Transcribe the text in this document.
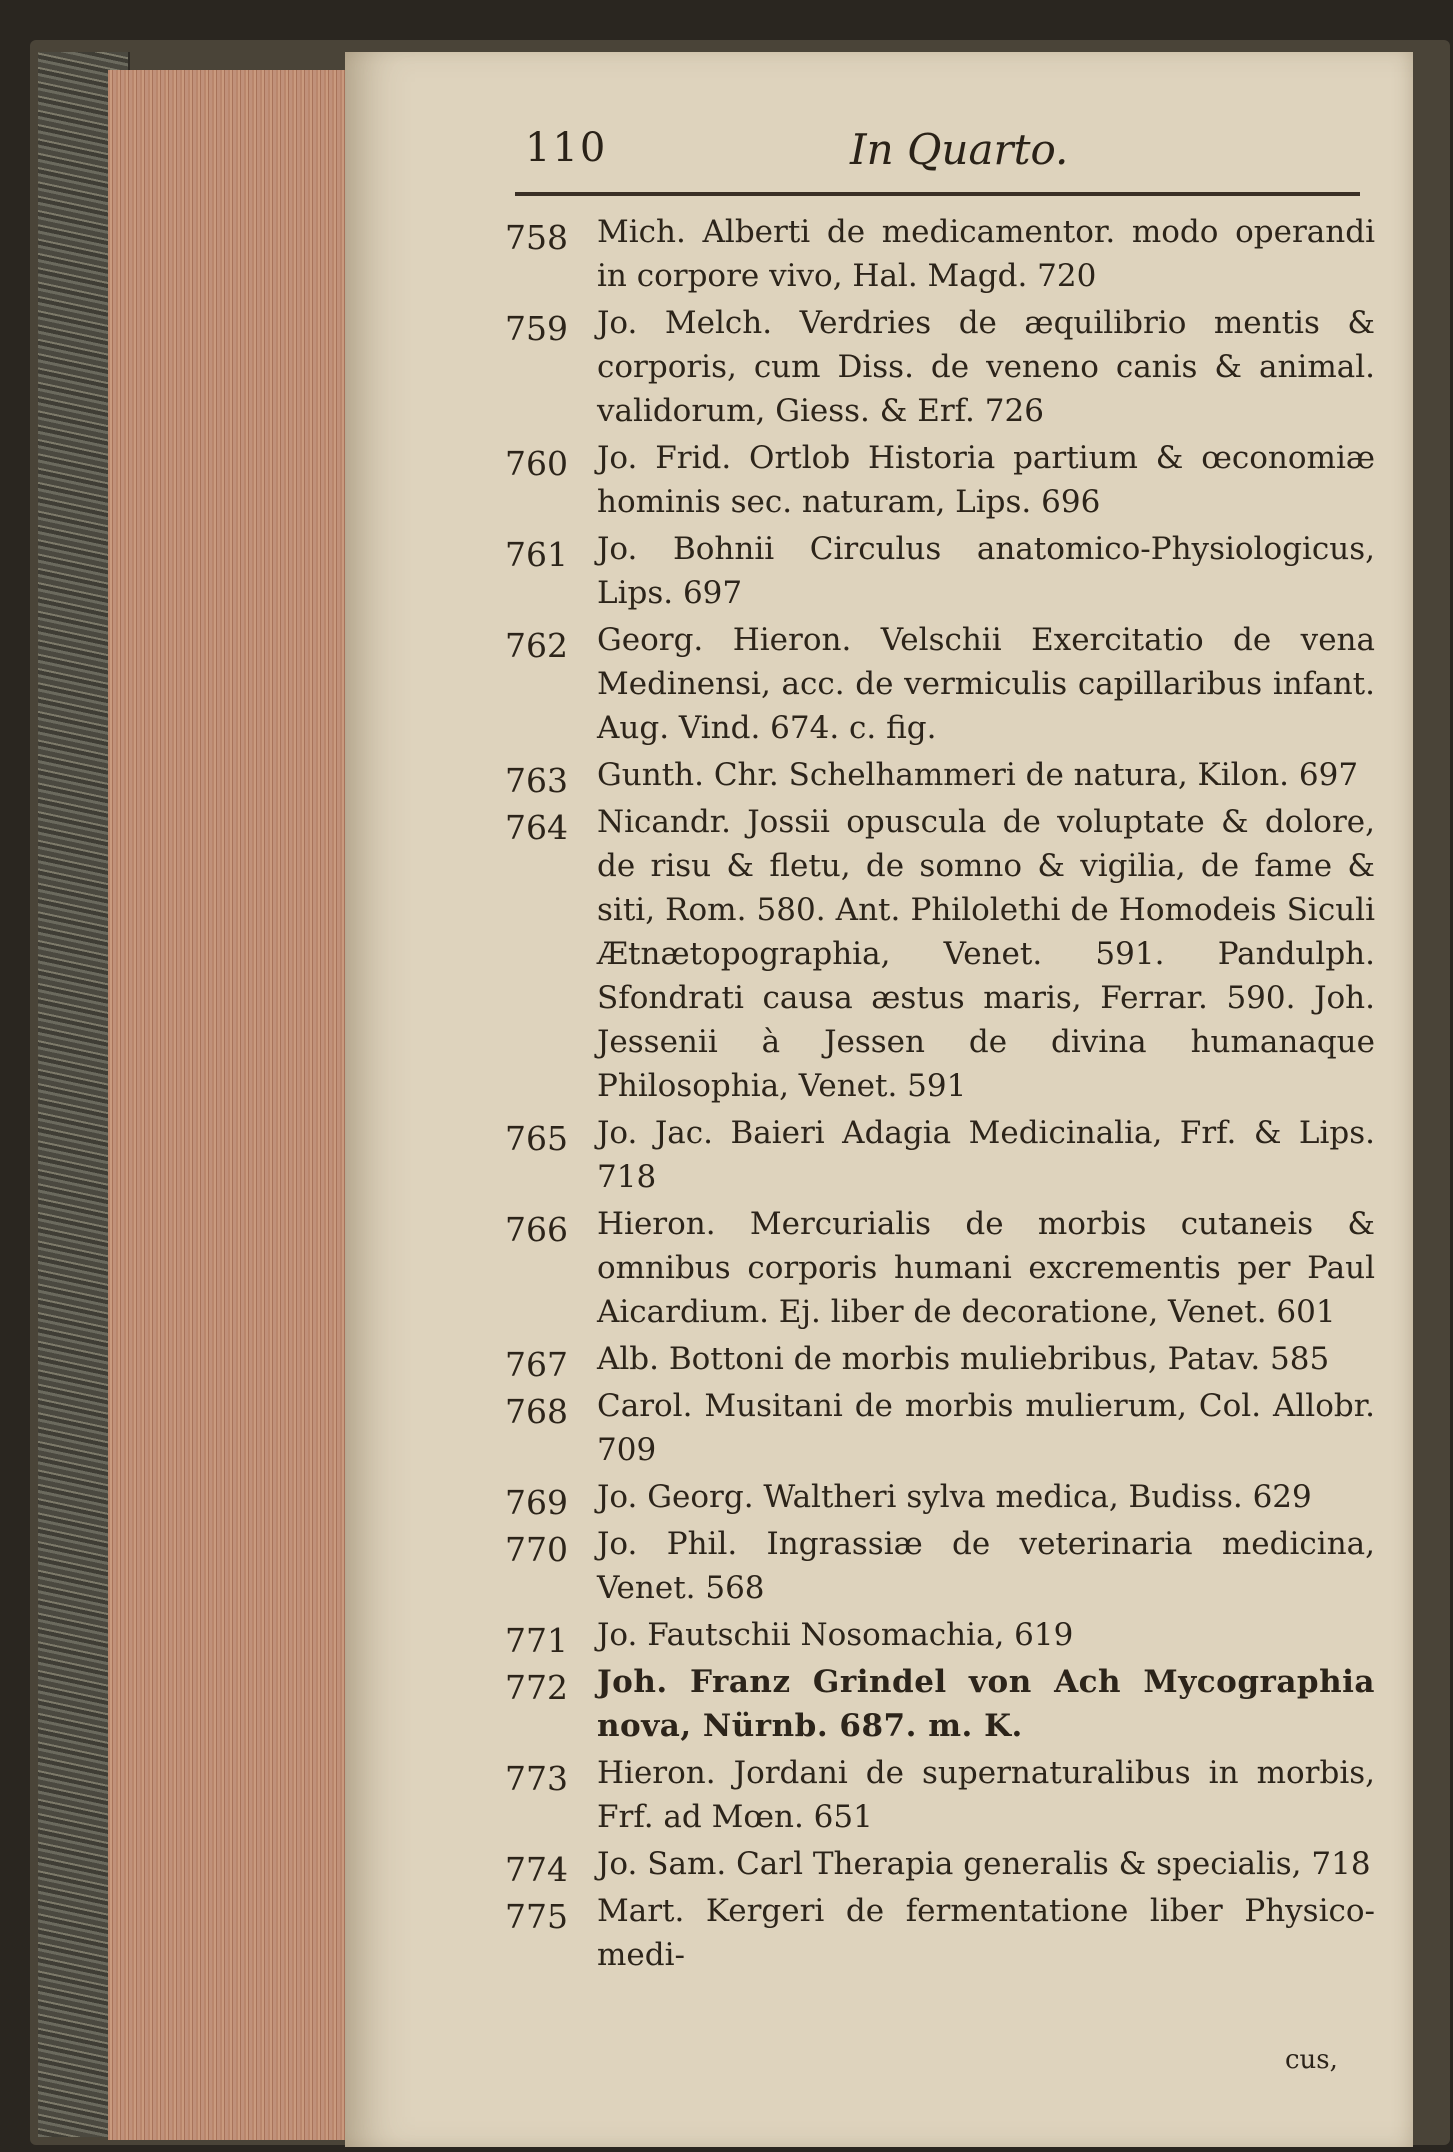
110	In Quarto.
758 Mich. Alberti de medicamentor. modo operandi in corpore vivo, Hal. Magd. 720
759 Jo. Melch. Verdries de æquilibrio mentis & corporis, cum Diss. de veneno canis & animal. validorum, Giess. & Erf. 726
760 Jo. Frid. Ortlob Historia partium & œconomiæ hominis sec. naturam, Lips. 696
761 Jo. Bohnii Circulus anatomico-Physiologicus, Lips. 697
762 Georg. Hieron. Velschii Exercitatio de vena Medinensi, acc. de vermiculis capillaribus infant. Aug. Vind. 674. c. fig.
763 Gunth. Chr. Schelhammeri de natura, Kilon. 697
764 Nicandr. Jossii opuscula de voluptate & dolore, de risu & fletu, de somno & vigilia, de fame & siti, Rom. 580. Ant. Philolethi de Homodeis Siculi Ætnætopographia, Venet. 591. Pandulph. Sfondrati causa æstus maris, Ferrar. 590. Joh. Jessenii à Jessen de divina humanaque Philosophia, Venet. 591
765 Jo. Jac. Baieri Adagia Medicinalia, Frf. & Lips. 718
766 Hieron. Mercurialis de morbis cutaneis & omnibus corporis humani excrementis per Paul Aicardium. Ej. liber de decoratione, Venet. 601
767 Alb. Bottoni de morbis muliebribus, Patav. 585
768 Carol. Musitani de morbis mulierum, Col. Allobr. 709
769 Jo. Georg. Waltheri sylva medica, Budiss. 629
770 Jo. Phil. Ingrassiæ de veterinaria medicina, Venet. 568
771 Jo. Fautschii Nosomachia, 619
772 Joh. Franz Grindel von Ach Mycographia nova, Nürnb. 687. m. K.
773 Hieron. Jordani de supernaturalibus in morbis, Frf. ad Mœn. 651
774 Jo. Sam. Carl Therapia generalis & specialis, 718
775 Mart. Kergeri de fermentatione liber Physico-medi-
cus,
